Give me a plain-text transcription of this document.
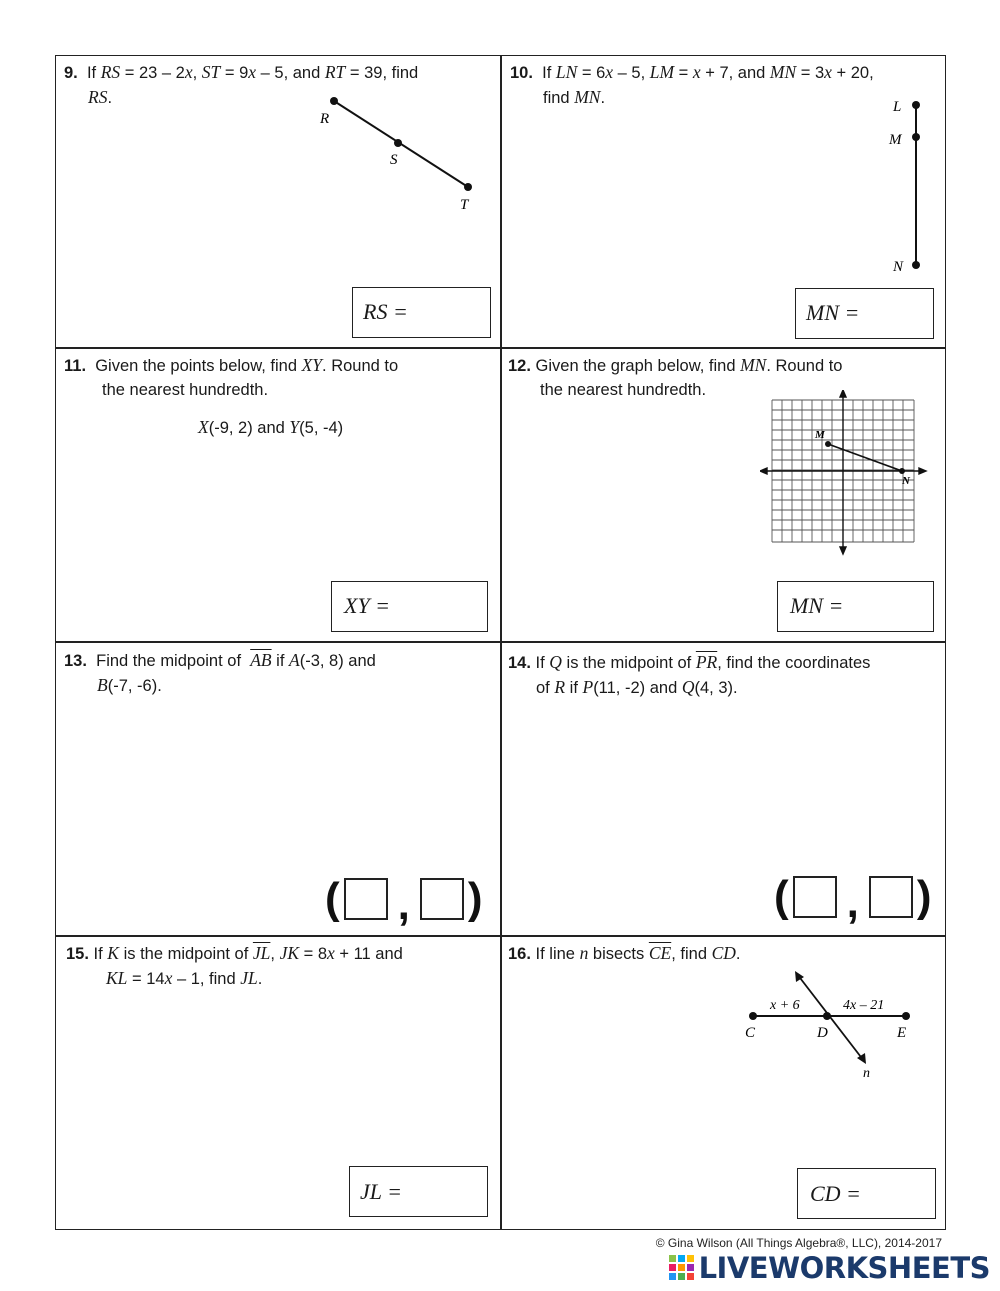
9. If RS = 23 – 2x, ST = 9x – 5, and RT = 39, find
RS.
R
S
T
RS =
10. If LN = 6x – 5, LM = x + 7, and MN = 3x + 20,
find MN.	L
M
N
MN =
11. Given the points below, find XY. Round to
the nearest hundredth.
X(-9, 2) and Y(5, -4)
XY =
12. Given the graph below, find MN. Round to
the nearest hundredth.
M
N
MN =
13. Find the midpoint of  $\overline{AB}$ if A(-3, 8) and
B(-7, -6).
( , )
14. If Q is the midpoint of $\overline{PR}$, find the coordinates
of R if P(11, -2) and Q(4, 3).
( , )
15. If K is the midpoint of $\overline{JL}$, JK = 8x + 11 and
KL = 14x – 1, find JL.
JL =
16. If line n bisects $\overline{CE}$, find CD.
x + 6	4x – 21
C	D	E
n
CD =
© Gina Wilson (All Things Algebra®, LLC), 2014-2017
LIVEWORKSHEETS
